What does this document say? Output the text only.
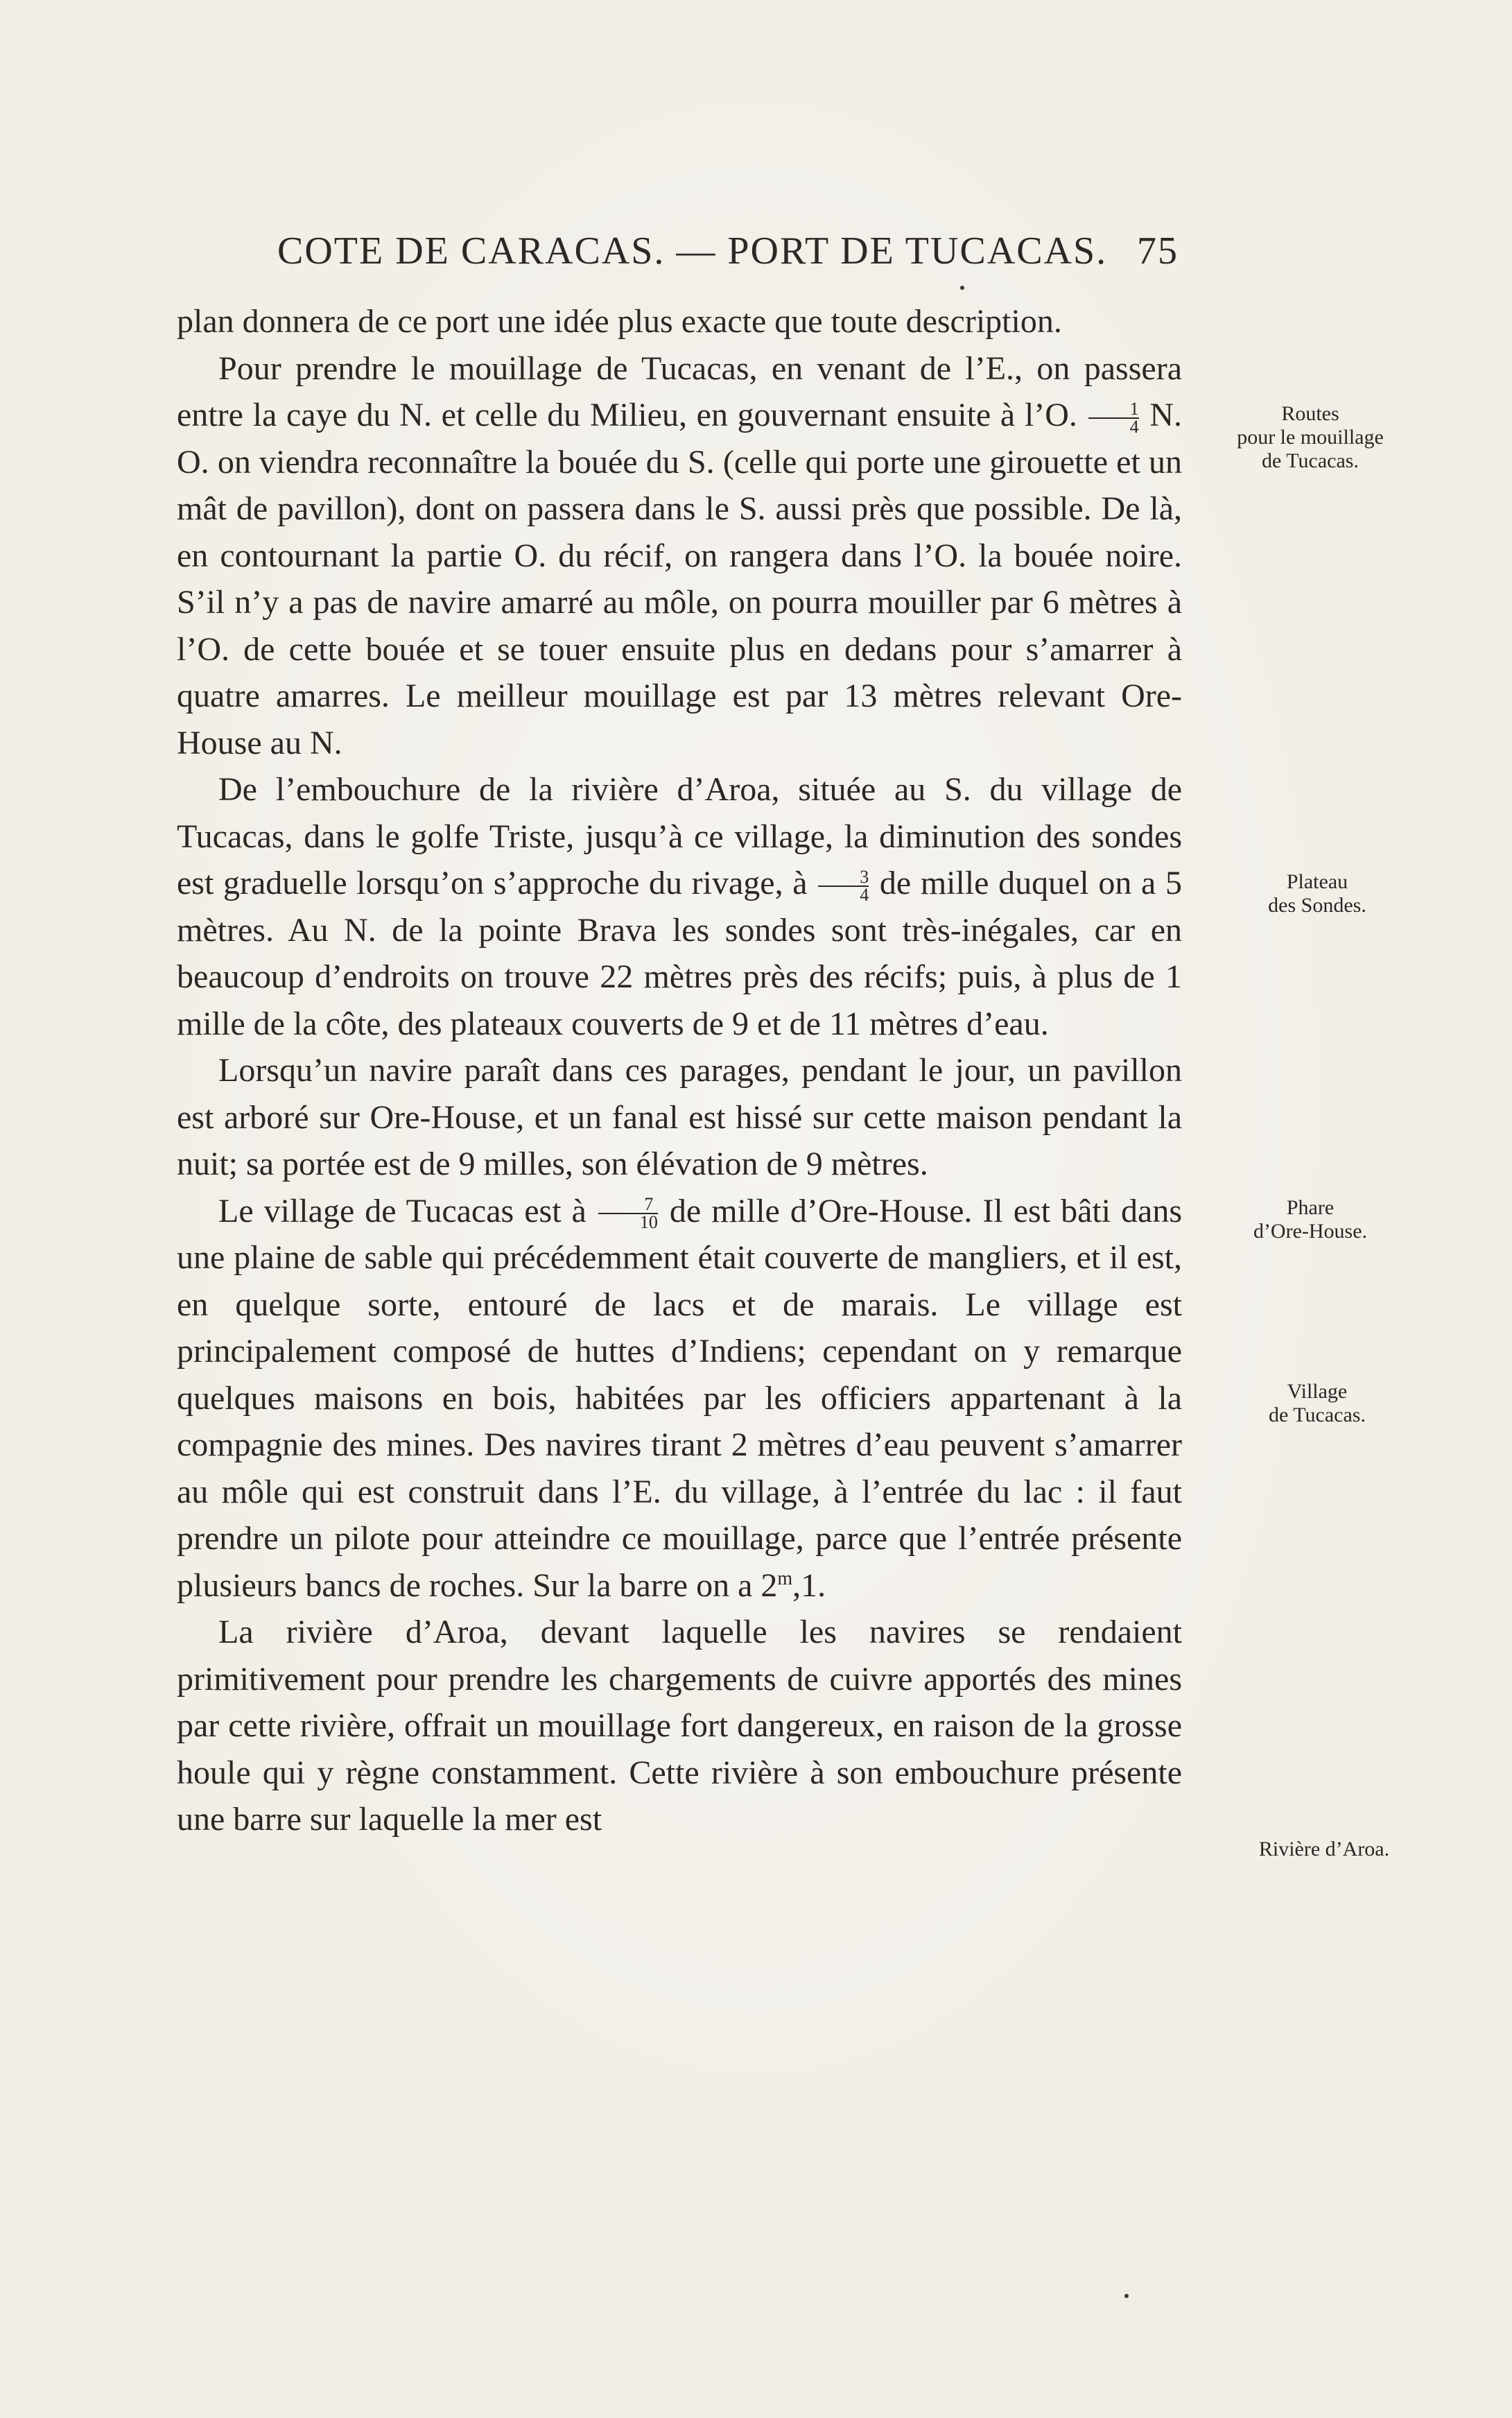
COTE DE CARACAS. — PORT DE TUCACAS. 75

plan donnera de ce port une idée plus exacte que toute description.

Pour prendre le mouillage de Tucacas, en venant de l’E., on passera entre la caye du N. et celle du Milieu, en gouvernant ensuite à l’O. $\frac{1}{4} N$. O. on viendra reconnaître la bouée du S. (celle qui porte une girouette et un mât de pavillon), dont on passera dans le S. aussi près que possible. De là, en contournant la partie O. du récif, on rangera dans l’O. la bouée noire. S’il n’y a pas de navire amarré au môle, on pourra mouiller par 6 mètres à l’O. de cette bouée et se touer ensuite plus en dedans pour s’amarrer à quatre amarres. Le meilleur mouillage est par 13 mètres relevant Ore-House au N.

De l’embouchure de la rivière d’Aroa, située au S. du village de Tucacas, dans le golfe Triste, jusqu’à ce village, la diminution des sondes est graduelle lorsqu’on s’approche du rivage, à $\frac{3}{4}$ de mille duquel on a 5 mètres. Au N. de la pointe Brava les sondes sont très-inégales, car en beaucoup d’endroits on trouve 22 mètres près des récifs; puis, à plus de 1 mille de la côte, des plateaux couverts de 9 et de 11 mètres d’eau.

Lorsqu’un navire paraît dans ces parages, pendant le jour, un pavillon est arboré sur Ore-House, et un fanal est hissé sur cette maison pendant la nuit; sa portée est de 9 milles, son élévation de 9 mètres.

Le village de Tucacas est à $\frac{7}{10}$ de mille d’Ore-House. Il est bâti dans une plaine de sable qui précédemment était couverte de mangliers, et il est, en quelque sorte, entouré de lacs et de marais. Le village est principalement composé de huttes d’Indiens; cependant on y remarque quelques maisons en bois, habitées par les officiers appartenant à la compagnie des mines. Des navires tirant 2 mètres d’eau peuvent s’amarrer au môle qui est construit dans l’E. du village, à l’entrée du lac : il faut prendre un pilote pour atteindre ce mouillage, parce que l’entrée présente plusieurs bancs de roches. Sur la barre on a 2$^m$,1.

La rivière d’Aroa, devant laquelle les navires se rendaient primitivement pour prendre les chargements de cuivre apportés des mines par cette rivière, offrait un mouillage fort dangereux, en raison de la grosse houle qui y règne constamment. Cette rivière à son embouchure présente une barre sur laquelle la mer est

Routes
pour le mouillage
de Tucacas.
Plateau
des Sondes.
Phare
d’Ore-House.
Village
de Tucacas.
Rivière d’Aroa.
